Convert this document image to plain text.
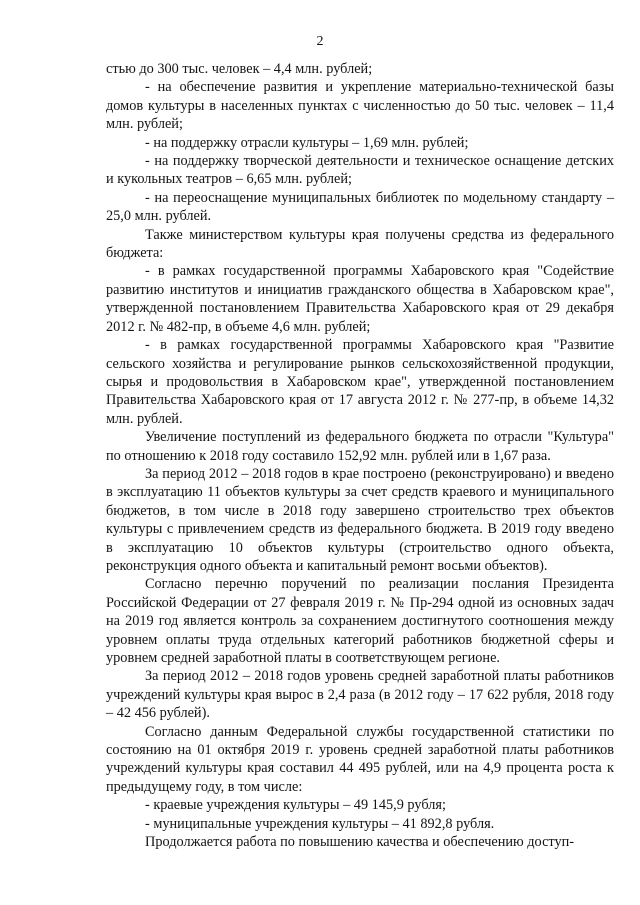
2

стью до 300 тыс. человек – 4,4 млн. рублей;

- на обеспечение развития и укрепление материально-технической базы домов культуры в населенных пунктах с численностью до 50 тыс. человек – 11,4 млн. рублей;

- на поддержку отрасли культуры – 1,69 млн. рублей;

- на поддержку творческой деятельности и техническое оснащение детских и кукольных театров – 6,65 млн. рублей;

- на переоснащение муниципальных библиотек по модельному стандарту – 25,0 млн. рублей.

Также министерством культуры края получены средства из федерального бюджета:

- в рамках государственной программы Хабаровского края "Содействие развитию институтов и инициатив гражданского общества в Хабаровском крае", утвержденной постановлением Правительства Хабаровского края от 29 декабря 2012 г. № 482-пр, в объеме 4,6 млн. рублей;

- в рамках государственной программы Хабаровского края "Развитие сельского хозяйства и регулирование рынков сельскохозяйственной продукции, сырья и продовольствия в Хабаровском крае", утвержденной постановлением Правительства Хабаровского края от 17 августа 2012 г. № 277-пр, в объеме 14,32 млн. рублей.

Увеличение поступлений из федерального бюджета по отрасли "Культура" по отношению к 2018 году составило 152,92 млн. рублей или в 1,67 раза.

За период 2012 – 2018 годов в крае построено (реконструировано) и введено в эксплуатацию 11 объектов культуры за счет средств краевого и муниципального бюджетов, в том числе в 2018 году завершено строительство трех объектов культуры с привлечением средств из федерального бюджета. В 2019 году введено в эксплуатацию 10 объектов культуры (строительство одного объекта, реконструкция одного объекта и капитальный ремонт восьми объектов).

Согласно перечню поручений по реализации послания Президента Российской Федерации от 27 февраля 2019 г. № Пр-294 одной из основных задач на 2019 год является контроль за сохранением достигнутого соотношения между уровнем оплаты труда отдельных категорий работников бюджетной сферы и уровнем средней заработной платы в соответствующем регионе.

За период 2012 – 2018 годов уровень средней заработной платы работников учреждений культуры края вырос в 2,4 раза (в 2012 году – 17 622 рубля, 2018 году – 42 456 рублей).

Согласно данным Федеральной службы государственной статистики по состоянию на 01 октября 2019 г. уровень средней заработной платы работников учреждений культуры края составил 44 495 рублей, или на 4,9 процента роста к предыдущему году, в том числе:

- краевые учреждения культуры – 49 145,9 рубля;

- муниципальные учреждения культуры – 41 892,8 рубля.

Продолжается работа по повышению качества и обеспечению доступ-
